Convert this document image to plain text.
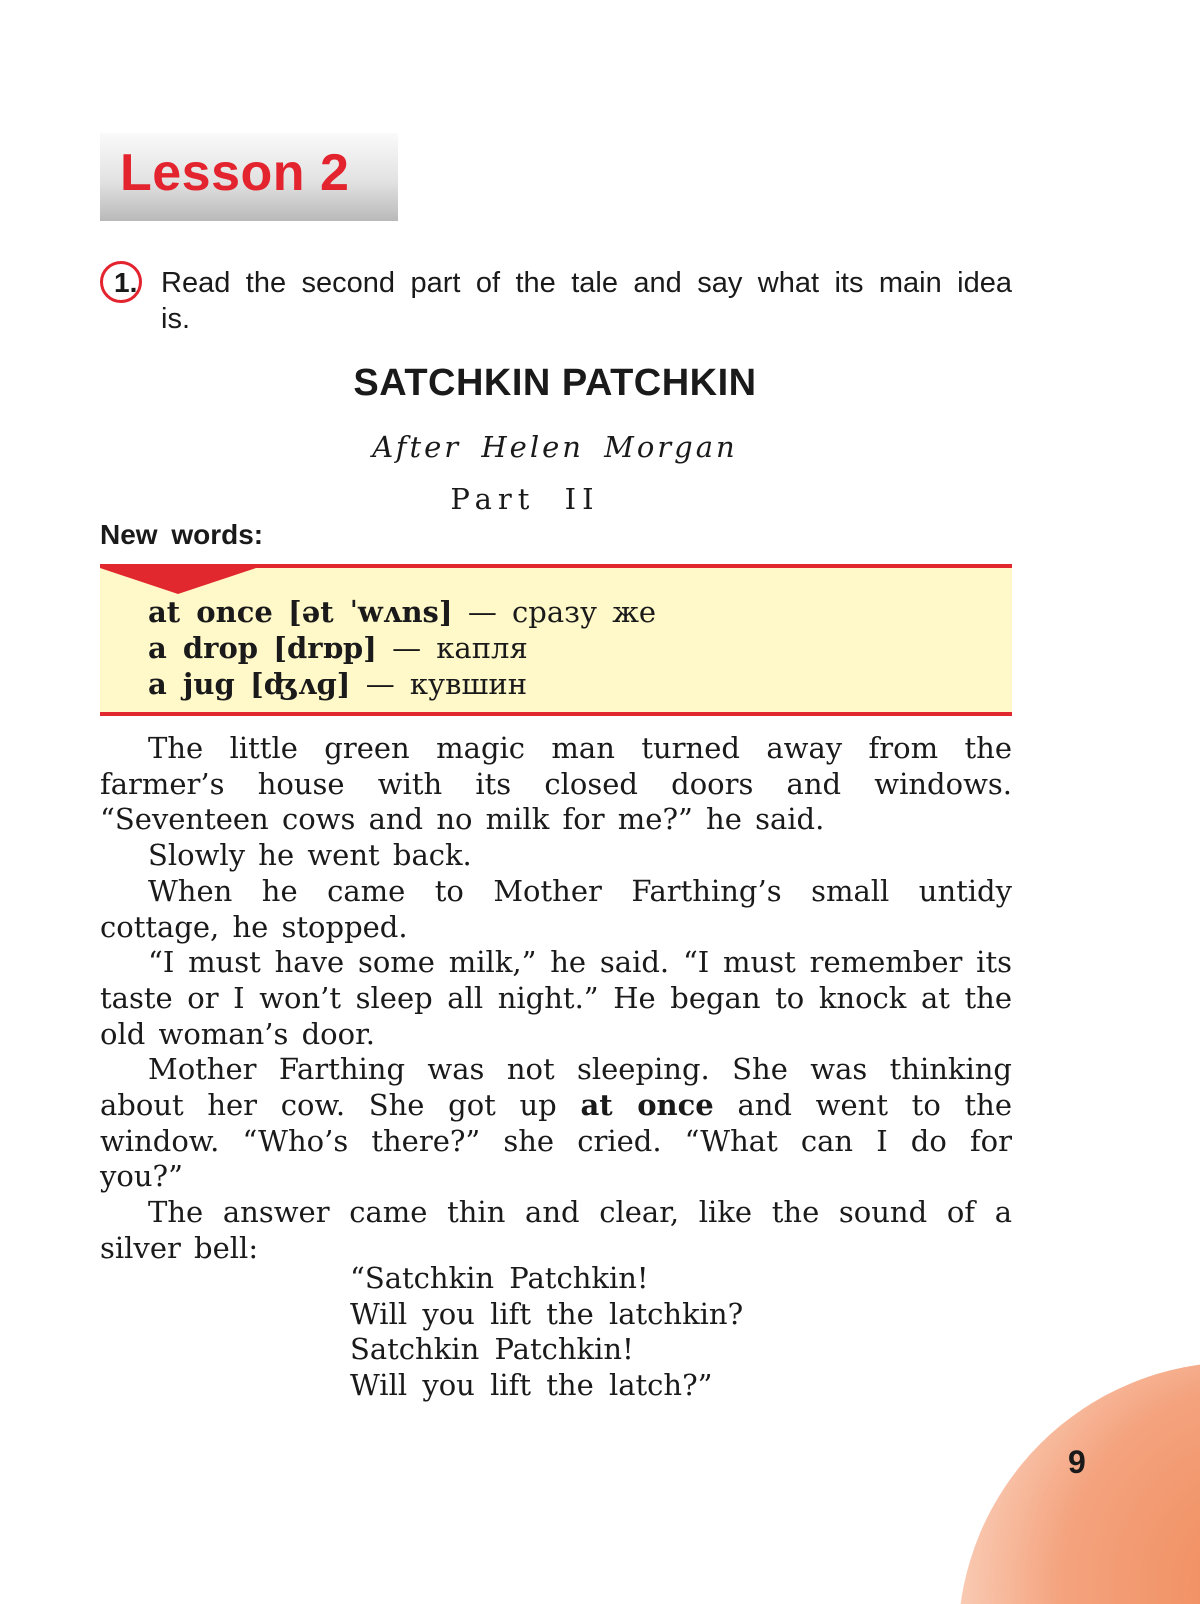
Lesson 2
1. Read the second part of the tale and say what its main idea is.
SATCHKIN PATCHKIN
After Helen Morgan
Part II
New words:
at once [ət ˈwʌns] — сразу же
a drop [drɒp] — капля
a jug [ʤʌɡ] — кувшин

The little green magic man turned away from the farmer’s house with its closed doors and windows. “Seventeen cows and no milk for me?” he said.

Slowly he went back.

When he came to Mother Farthing’s small untidy cottage, he stopped.

“I must have some milk,” he said. “I must remember its taste or I won’t sleep all night.” He began to knock at the old woman’s door.

Mother Farthing was not sleeping. She was thinking about her cow. She got up at once and went to the window. “Who’s there?” she cried. “What can I do for you?”

The answer came thin and clear, like the sound of a silver bell:

“Satchkin Patchkin!
Will you lift the latchkin?
Satchkin Patchkin!
Will you lift the latch?”
9
